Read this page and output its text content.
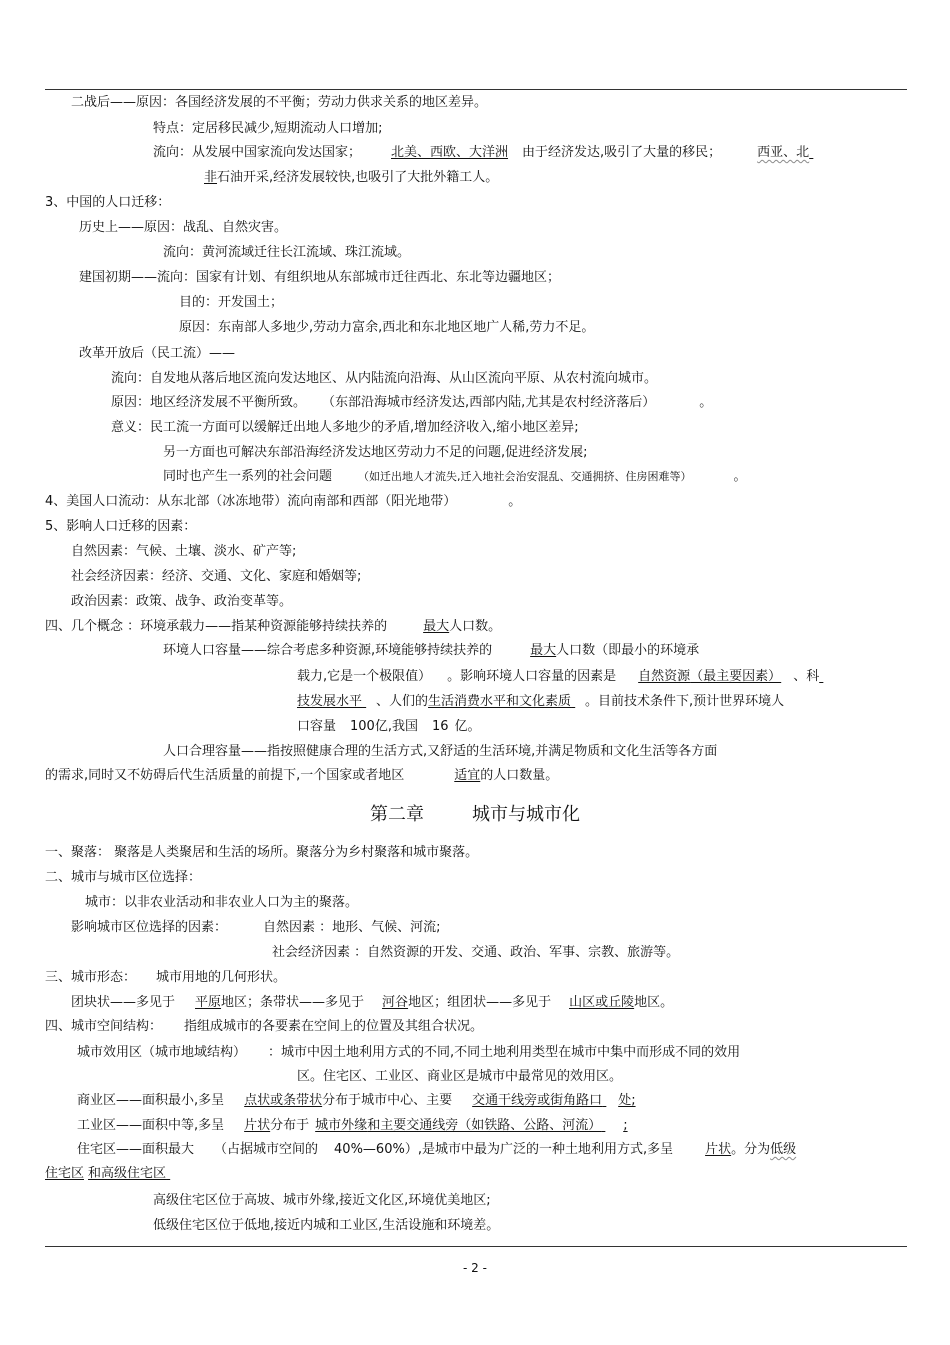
二战后——原因：各国经济发展的不平衡；劳动力供求关系的地区差异。
特点：定居移民减少,短期流动人口增加;
流向：从发展中国家流向发达国家； 北美、西欧、大洋洲 由于经济发达,吸引了大量的移民；	西亚、北
非石油开采,经济发展较快,也吸引了大批外籍工人。
3、中国的人口迁移：
历史上——原因：战乱、自然灾害。
流向：黄河流域迁往长江流域、珠江流域。
建国初期——流向：国家有计划、有组织地从东部城市迁往西北、东北等边疆地区；
目的：开发国土；
原因：东南部人多地少,劳动力富余,西北和东北地区地广人稀,劳力不足。
改革开放后（民工流）——
流向：自发地从落后地区流向发达地区、从内陆流向沿海、从山区流向平原、从农村流向城市。
原因：地区经济发展不平衡所致。 （东部沿海城市经济发达,西部内陆,尤其是农村经济落后）	。
意义：民工流一方面可以缓解迁出地人多地少的矛盾,增加经济收入,缩小地区差异;
另一方面也可解决东部沿海经济发达地区劳动力不足的问题,促进经济发展;
同时也产生一系列的社会问题 （如迁出地人才流失,迁入地社会治安混乱、交通拥挤、住房困难等）	。
4、美国人口流动：从东北部（冰冻地带）流向南部和西部（阳光地带）	。
5、影响人口迁移的因素：
自然因素：气候、土壤、淡水、矿产等;
社会经济因素：经济、交通、文化、家庭和婚姻等;
政治因素：政策、战争、政治变革等。
四、几个概念 ：环境承载力——指某种资源能够持续扶养的	最大人口数。
环境人口容量——综合考虑多种资源,环境能够持续扶养的	最大人口数（即最小的环境承
载力,它是一个极限值） 。影响环境人口容量的因素是 自然资源（最主要因素） 、科
技发展水平 、人们的生活消费水平和文化素质 。目前技术条件下,预计世界环境人
口容量 100亿,我国 16 亿。
人口合理容量——指按照健康合理的生活方式,又舒适的生活环境,并满足物质和文化生活等各方面
的需求,同时又不妨碍后代生活质量的前提下,一个国家或者地区	适宜的人口数量。
第二章	城市与城市化
一、聚落： 聚落是人类聚居和生活的场所。聚落分为乡村聚落和城市聚落。
二、城市与城市区位选择：
城市：以非农业活动和非农业人口为主的聚落。
影响城市区位选择的因素：	自然因素 ：地形、气候、河流;
社会经济因素 ：自然资源的开发、交通、政治、军事、宗教、旅游等。
三、城市形态： 城市用地的几何形状。
团块状——多见于 平原地区；条带状——多见于 河谷地区；组团状——多见于 山区或丘陵地区。
四、城市空间结构： 指组成城市的各要素在空间上的位置及其组合状况。
城市效用区（城市地域结构） ：城市中因土地利用方式的不同,不同土地利用类型在城市中集中而形成不同的效用
区。住宅区、工业区、商业区是城市中最常见的效用区。
商业区——面积最小,多呈 点状或条带状分布于城市中心、主要 交通干线旁或街角路口 处;
工业区——面积中等,多呈 片状分布于 城市外缘和主要交通线旁（如铁路、公路、河流） ;
住宅区——面积最大 （占据城市空间的 40%—60%）,是城市中最为广泛的一种土地利用方式,多呈 片状。分为低级
住宅区 和高级住宅区
高级住宅区位于高坡、城市外缘,接近文化区,环境优美地区;
低级住宅区位于低地,接近内城和工业区,生活设施和环境差。
- 2 -
